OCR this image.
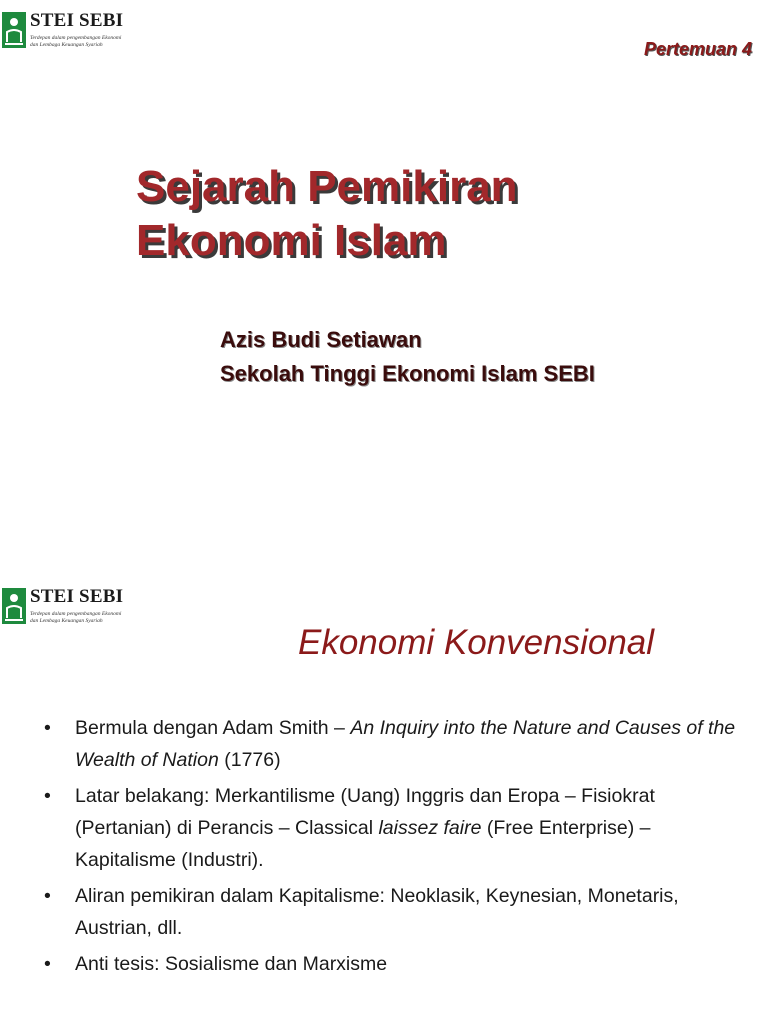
STEI SEBI
Terdepan dalam pengembangan Ekonomi
dan Lembaga Keuangan Syariah	Pertemuan 4
Sejarah Pemikiran
Ekonomi Islam
Azis Budi Setiawan
Sekolah Tinggi Ekonomi Islam SEBI
STEI SEBI
Terdepan dalam pengembangan Ekonomi
dan Lembaga Keuangan Syariah
Ekonomi Konvensional
• Bermula dengan Adam Smith – An Inquiry into the Nature and Causes of the Wealth of Nation (1776)
• Latar belakang: Merkantilisme (Uang) Inggris dan Eropa – Fisiokrat (Pertanian) di Perancis – Classical laissez faire (Free Enterprise) – Kapitalisme (Industri).
• Aliran pemikiran dalam Kapitalisme: Neoklasik, Keynesian, Monetaris, Austrian, dll.
• Anti tesis: Sosialisme dan Marxisme
